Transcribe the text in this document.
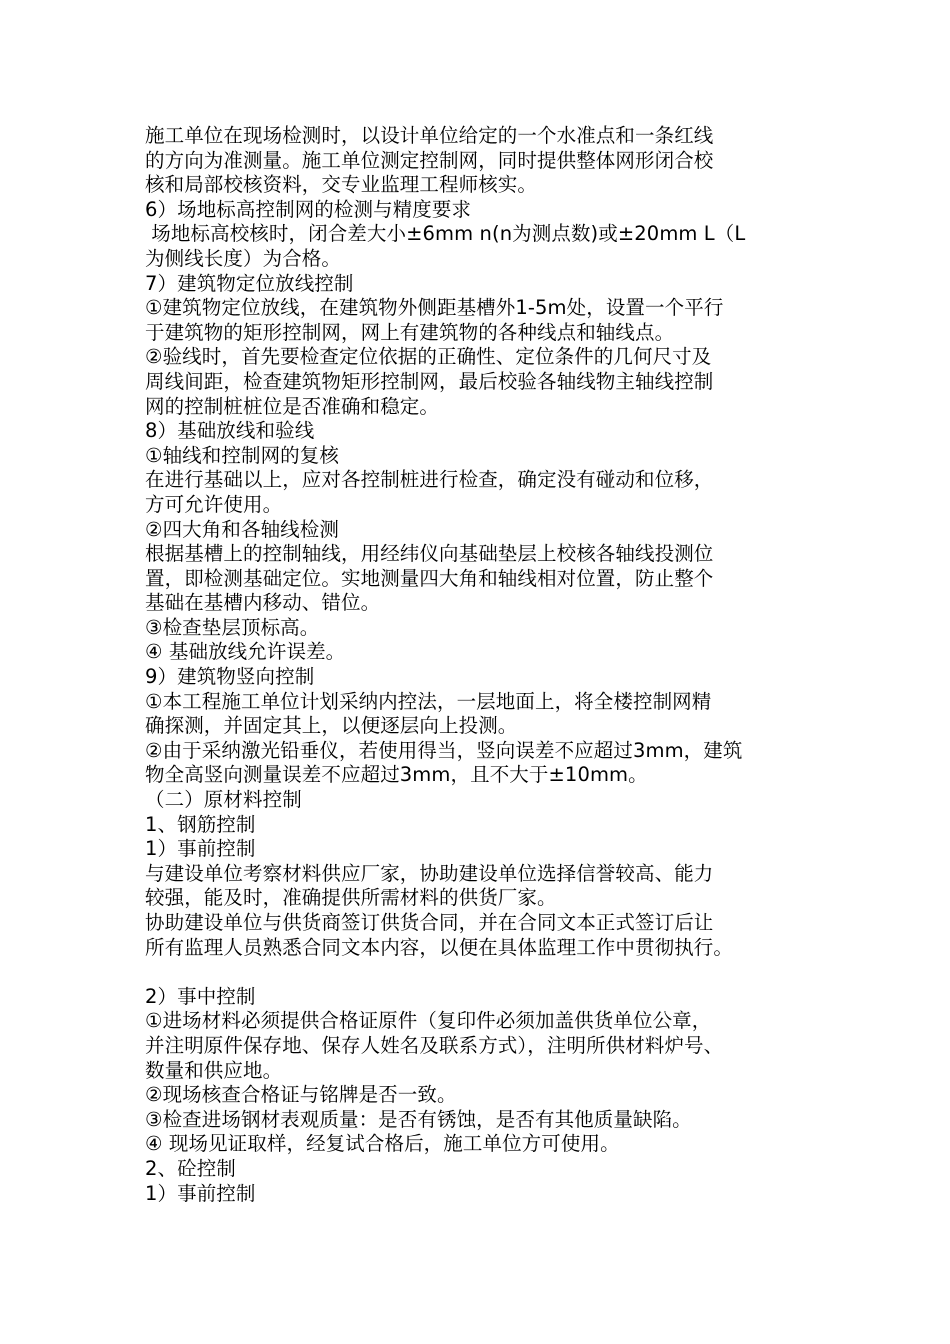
施工单位在现场检测时，以设计单位给定的一个水准点和一条红线
的方向为准测量。施工单位测定控制网，同时提供整体网形闭合校
核和局部校核资料，交专业监理工程师核实。
6）场地标高控制网的检测与精度要求
场地标高校核时，闭合差大小±6mm n(n为测点数)或±20mm L（L
为侧线长度）为合格。
7）建筑物定位放线控制
①建筑物定位放线，在建筑物外侧距基槽外1-5m处，设置一个平行
于建筑物的矩形控制网，网上有建筑物的各种线点和轴线点。
②验线时，首先要检查定位依据的正确性、定位条件的几何尺寸及
周线间距，检查建筑物矩形控制网，最后校验各轴线物主轴线控制
网的控制桩桩位是否准确和稳定。
8）基础放线和验线
①轴线和控制网的复核
在进行基础以上，应对各控制桩进行检查，确定没有碰动和位移，
方可允许使用。
②四大角和各轴线检测
根据基槽上的控制轴线，用经纬仪向基础垫层上校核各轴线投测位
置，即检测基础定位。实地测量四大角和轴线相对位置，防止整个
基础在基槽内移动、错位。
③检查垫层顶标高。
④ 基础放线允许误差。
9）建筑物竖向控制
①本工程施工单位计划采纳内控法，一层地面上，将全楼控制网精
确探测，并固定其上，以便逐层向上投测。
②由于采纳激光铅垂仪，若使用得当，竖向误差不应超过3mm，建筑
物全高竖向测量误差不应超过3mm，且不大于±10mm。
（二）原材料控制
1、钢筋控制
1）事前控制
与建设单位考察材料供应厂家，协助建设单位选择信誉较高、能力
较强，能及时，准确提供所需材料的供货厂家。
协助建设单位与供货商签订供货合同，并在合同文本正式签订后让
所有监理人员熟悉合同文本内容，以便在具体监理工作中贯彻执行。
2）事中控制
①进场材料必须提供合格证原件（复印件必须加盖供货单位公章，
并注明原件保存地、保存人姓名及联系方式），注明所供材料炉号、
数量和供应地。
②现场核查合格证与铭牌是否一致。
③检查进场钢材表观质量：是否有锈蚀，是否有其他质量缺陷。
④ 现场见证取样，经复试合格后，施工单位方可使用。
2、砼控制
1）事前控制
